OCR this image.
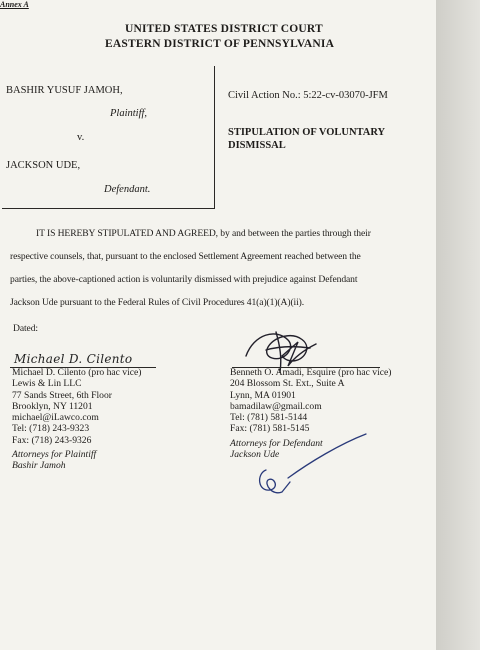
Annex A
UNITED STATES DISTRICT COURT
EASTERN DISTRICT OF PENNSYLVANIA
BASHIR YUSUF JAMOH,
Plaintiff,
v.
JACKSON UDE,
Defendant.
Civil Action No.: 5:22-cv-03070-JFM
STIPULATION OF VOLUNTARY
DISMISSAL
IT IS HEREBY STIPULATED AND AGREED, by and between the parties through their
respective counsels, that, pursuant to the enclosed Settlement Agreement reached between the
parties, the above-captioned action is voluntarily dismissed with prejudice against Defendant
Jackson Ude pursuant to the Federal Rules of Civil Procedures 41(a)(1)(A)(ii).
Dated:
Michael D. Cilento
Michael D. Cilento (pro hac vice)
Lewis & Lin LLC
77 Sands Street, 6th Floor
Brooklyn, NY 11201
michael@iLawco.com
Tel: (718) 243-9323
Fax: (718) 243-9326
Attorneys for Plaintiff
Bashir Jamoh
Benneth O. Amadi, Esquire (pro hac vice)
204 Blossom St. Ext., Suite A
Lynn, MA 01901
bamadilaw@gmail.com
Tel: (781) 581-5144
Fax: (781) 581-5145
Attorneys for Defendant
Jackson Ude
